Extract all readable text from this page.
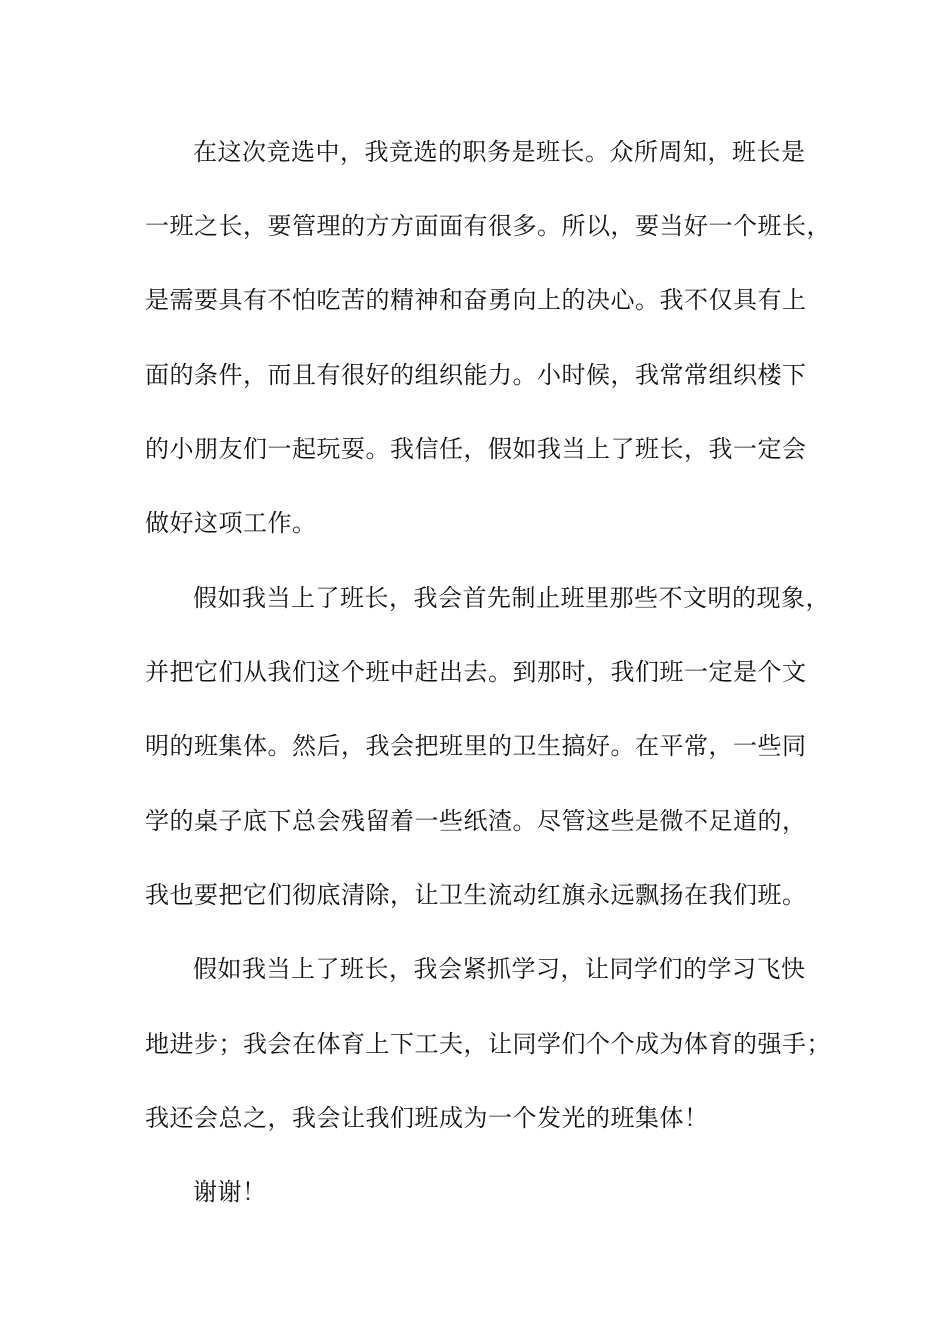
在这次竞选中，我竞选的职务是班长。众所周知，班长是
一班之长，要管理的方方面面有很多。所以，要当好一个班长，
是需要具有不怕吃苦的精神和奋勇向上的决心。我不仅具有上
面的条件，而且有很好的组织能力。小时候，我常常组织楼下
的小朋友们一起玩耍。我信任，假如我当上了班长，我一定会
做好这项工作。
假如我当上了班长，我会首先制止班里那些不文明的现象，
并把它们从我们这个班中赶出去。到那时，我们班一定是个文
明的班集体。然后，我会把班里的卫生搞好。在平常，一些同
学的桌子底下总会残留着一些纸渣。尽管这些是微不足道的，
我也要把它们彻底清除，让卫生流动红旗永远飘扬在我们班。
假如我当上了班长，我会紧抓学习，让同学们的学习飞快
地进步；我会在体育上下工夫，让同学们个个成为体育的强手；
我还会总之，我会让我们班成为一个发光的班集体！
谢谢！
